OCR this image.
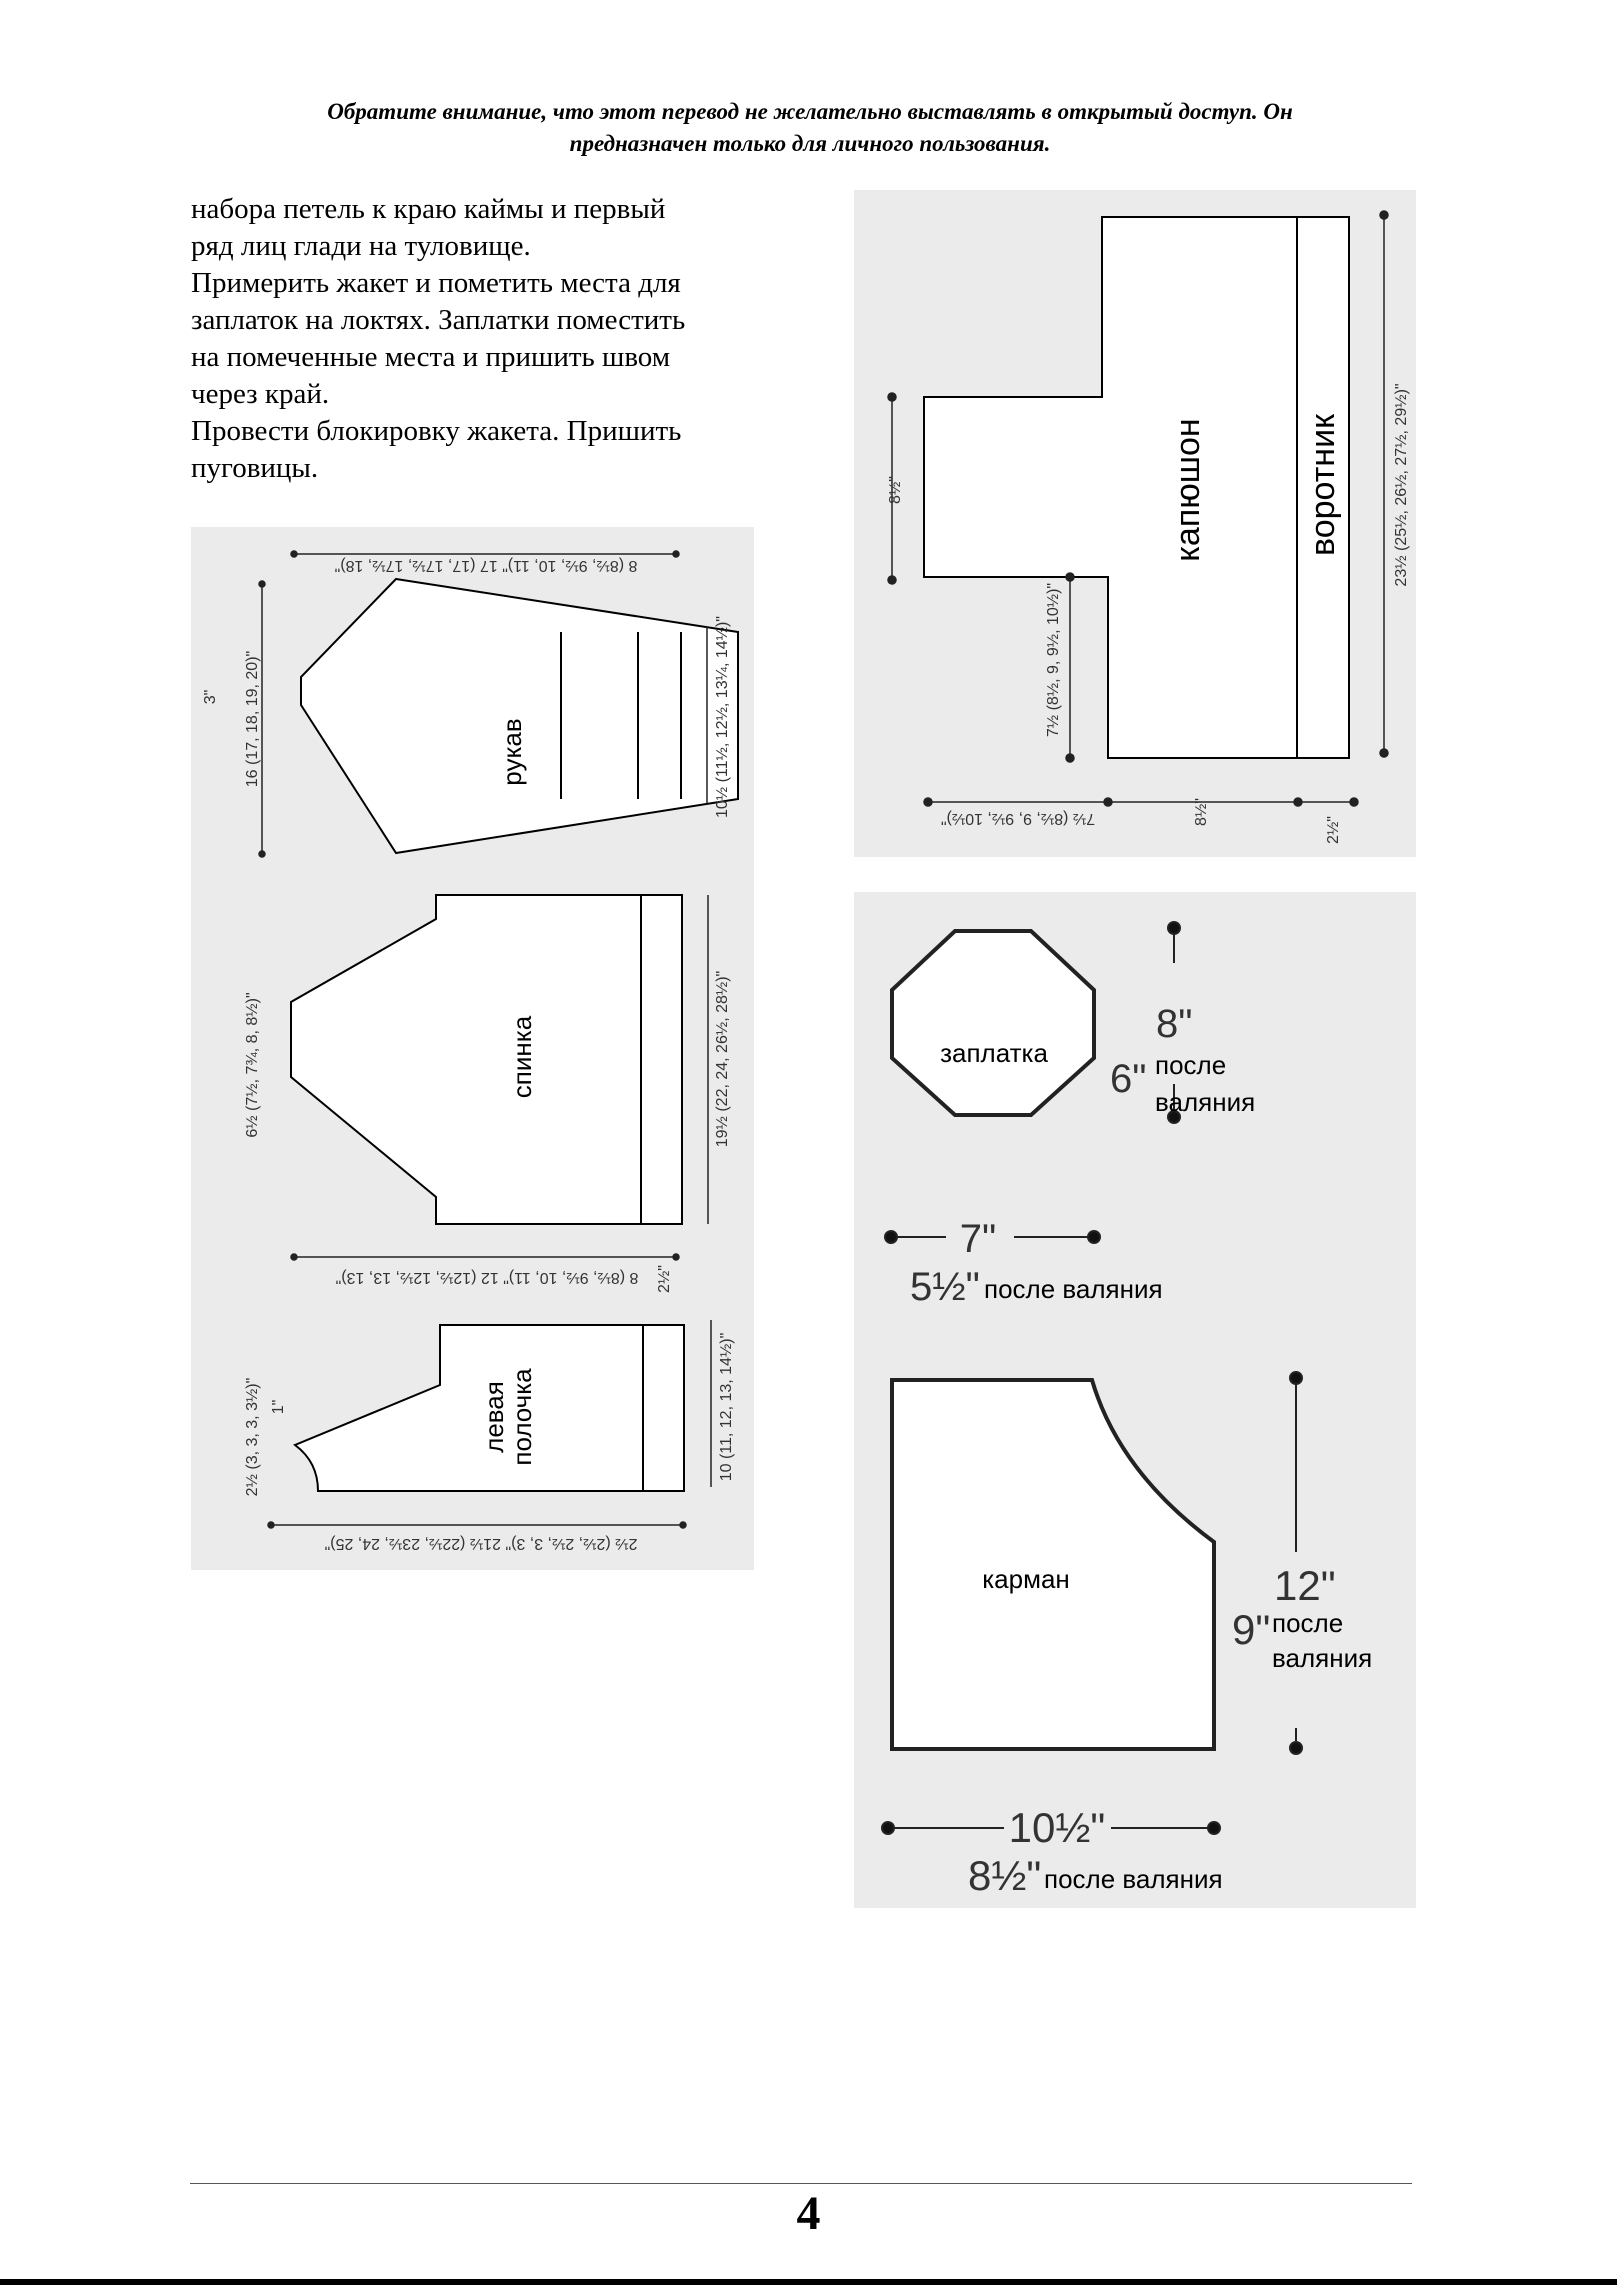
Обратите внимание, что этот перевод не желательно выставлять в открытый доступ. Он
предназначен только для личного пользования.

набора петель к краю каймы и первый

ряд лиц глади на туловище.

Примерить жакет и пометить места для

заплаток на локтях. Заплатки поместить

на помеченные места и пришить швом

через край.

Провести блокировку жакета. Пришить

пуговицы.

рукав
спинка
левая
полочка
8 (8½, 9½, 10, 11)" 17 (17, 17½, 17½, 18)"
16 (17, 18, 19, 20)"
3"	10½ (11½, 12½, 13¼, 14½)"
6½ (7½, 7¾, 8, 8½)"	19½ (22, 24, 26½, 28½)"
8 (8½, 9½, 10, 11)" 12 (12½, 12½, 13, 13)" 2½"
2½ (3, 3, 3, 3½)" 1"	10 (11, 12, 13, 14½)"
2½ (2½, 2½, 3, 3)" 21½ (22½, 23½, 24, 25)"
капюшон	воротник
8½"
7½ (8½, 9, 9½, 10½)"
23½ (25½, 26½, 27½, 29½)"
7½ (8½, 9, 9½, 10½)"	8½"
2½"
заплатка
8"
6" после
валяния
7"
5½" после валяния
карман	12"
9" после
валяния
10½"
8½" после валяния
4
